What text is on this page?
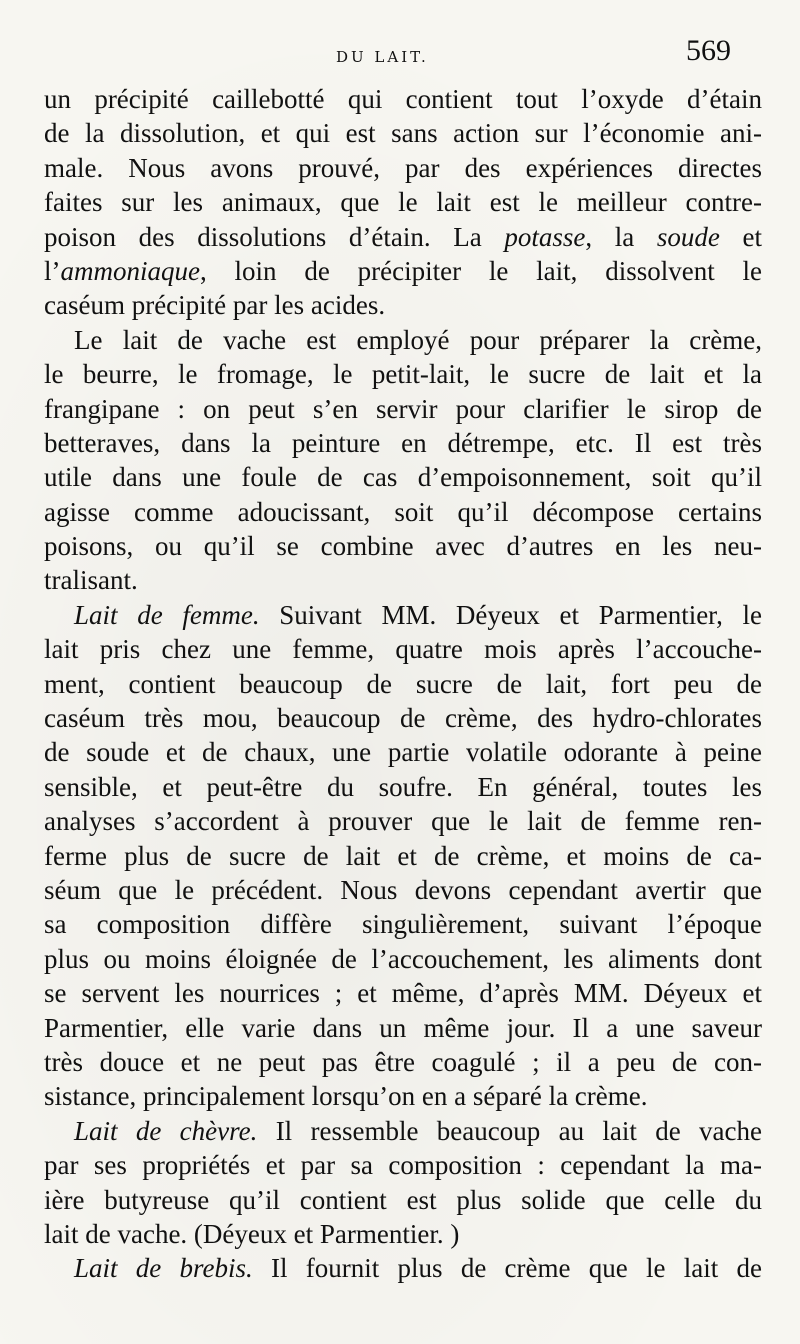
DU LAIT.	569
un précipité caillebotté qui contient tout l’oxyde d’étain
de la dissolution, et qui est sans action sur l’économie ani-
male. Nous avons prouvé, par des expériences directes
faites sur les animaux, que le lait est le meilleur contre-
poison des dissolutions d’étain. La potasse, la soude et
l’ammoniaque, loin de précipiter le lait, dissolvent le
caséum précipité par les acides.
Le lait de vache est employé pour préparer la crème,
le beurre, le fromage, le petit-lait, le sucre de lait et la
frangipane : on peut s’en servir pour clarifier le sirop de
betteraves, dans la peinture en détrempe, etc. Il est très
utile dans une foule de cas d’empoisonnement, soit qu’il
agisse comme adoucissant, soit qu’il décompose certains
poisons, ou qu’il se combine avec d’autres en les neu-
tralisant.
Lait de femme. Suivant MM. Déyeux et Parmentier, le
lait pris chez une femme, quatre mois après l’accouche-
ment, contient beaucoup de sucre de lait, fort peu de
caséum très mou, beaucoup de crème, des hydro-chlorates
de soude et de chaux, une partie volatile odorante à peine
sensible, et peut-être du soufre. En général, toutes les
analyses s’accordent à prouver que le lait de femme ren-
ferme plus de sucre de lait et de crème, et moins de ca-
séum que le précédent. Nous devons cependant avertir que
sa composition diffère singulièrement, suivant l’époque
plus ou moins éloignée de l’accouchement, les aliments dont
se servent les nourrices ; et même, d’après MM. Déyeux et
Parmentier, elle varie dans un même jour. Il a une saveur
très douce et ne peut pas être coagulé ; il a peu de con-
sistance, principalement lorsqu’on en a séparé la crème.
Lait de chèvre. Il ressemble beaucoup au lait de vache
par ses propriétés et par sa composition : cependant la ma-
ière butyreuse qu’il contient est plus solide que celle du
lait de vache. (Déyeux et Parmentier. )
Lait de brebis. Il fournit plus de crème que le lait de
